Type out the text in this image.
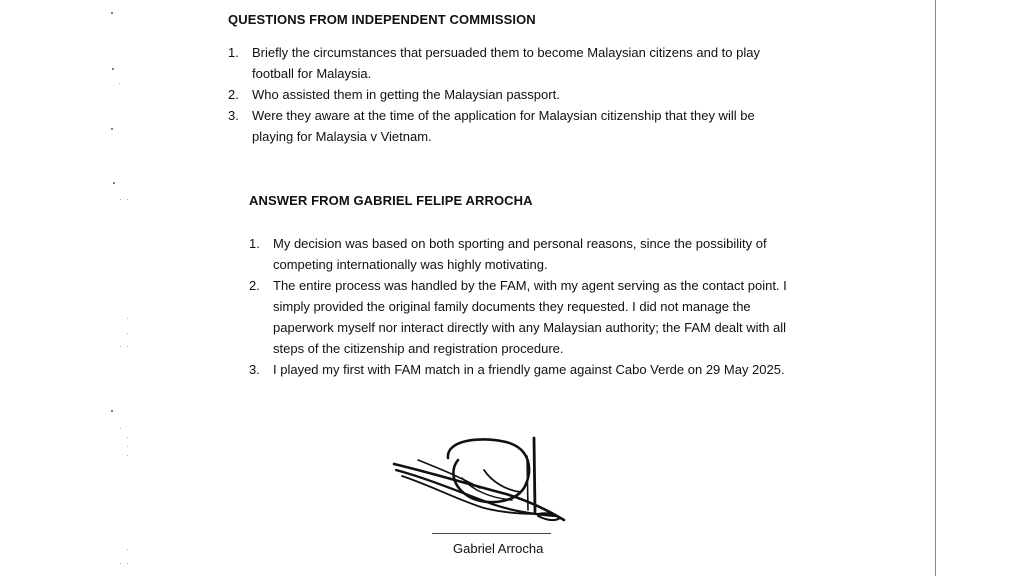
QUESTIONS FROM INDEPENDENT COMMISSION
1. Briefly the circumstances that persuaded them to become Malaysian citizens and to play football for Malaysia.
2. Who assisted them in getting the Malaysian passport.
3. Were they aware at the time of the application for Malaysian citizenship that they will be playing for Malaysia v Vietnam.
ANSWER FROM GABRIEL FELIPE ARROCHA
1. My decision was based on both sporting and personal reasons, since the possibility of competing internationally was highly motivating.
2. The entire process was handled by the FAM, with my agent serving as the contact point. I simply provided the original family documents they requested. I did not manage the paperwork myself nor interact directly with any Malaysian authority; the FAM dealt with all steps of the citizenship and registration procedure.
3. I played my first with FAM match in a friendly game against Cabo Verde on 29 May 2025.
Gabriel Arrocha
